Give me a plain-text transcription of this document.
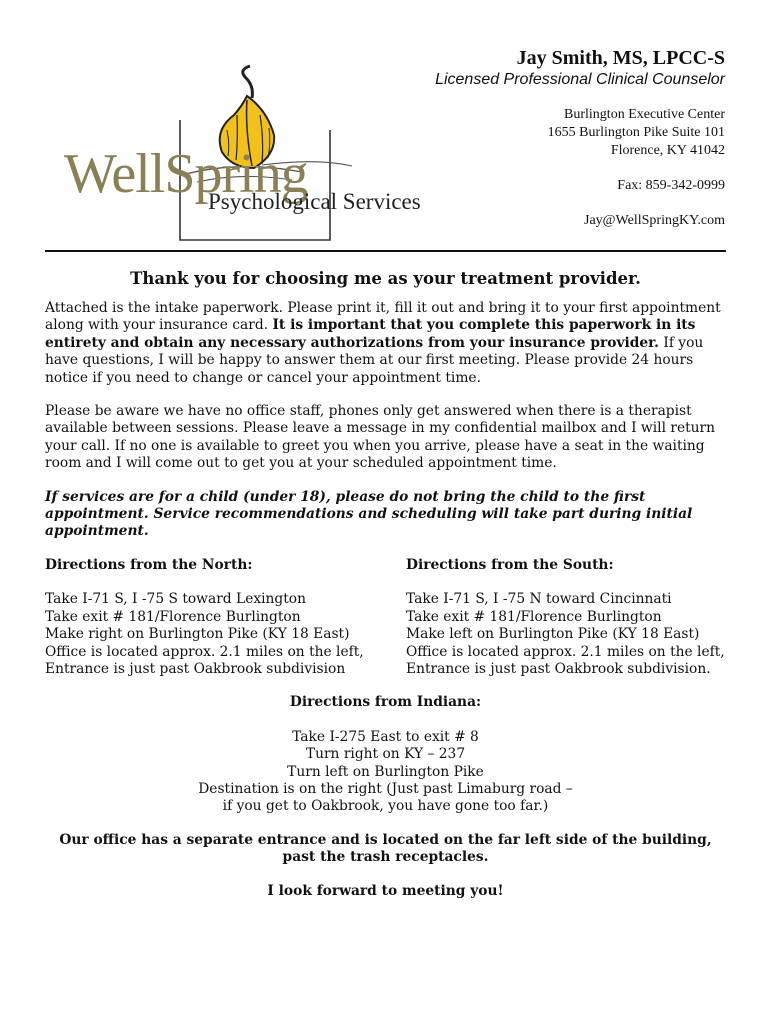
WellSpring
Psychological Services
Jay Smith, MS, LPCC-S
Licensed Professional Clinical Counselor
Burlington Executive Center
1655 Burlington Pike Suite 101
Florence, KY 41042
Fax: 859-342-0999
Jay@WellSpringKY.com
Thank you for choosing me as your treatment provider.

Attached is the intake paperwork. Please print it, fill it out and bring it to your first appointment along with your insurance card. It is important that you complete this paperwork in its entirety and obtain any necessary authorizations from your insurance provider. If you have questions, I will be happy to answer them at our first meeting. Please provide 24 hours notice if you need to change or cancel your appointment time.

Please be aware we have no office staff, phones only get answered when there is a therapist available between sessions. Please leave a message in my confidential mailbox and I will return your call. If no one is available to greet you when you arrive, please have a seat in the waiting room and I will come out to get you at your scheduled appointment time.

If services are for a child (under 18), please do not bring the child to the first appointment. Service recommendations and scheduling will take part during initial appointment.
Directions from the North:
Take I-71 S, I -75 S toward Lexington
Take exit # 181/Florence Burlington
Make right on Burlington Pike (KY 18 East)
Office is located approx. 2.1 miles on the left,
Entrance is just past Oakbrook subdivision
Directions from the South:
Take I-71 S, I -75 N toward Cincinnati
Take exit # 181/Florence Burlington
Make left on Burlington Pike (KY 18 East)
Office is located approx. 2.1 miles on the left,
Entrance is just past Oakbrook subdivision.
Directions from Indiana:
Take I-275 East to exit # 8
Turn right on KY – 237
Turn left on Burlington Pike
Destination is on the right (Just past Limaburg road –
if you get to Oakbrook, you have gone too far.)

Our office has a separate entrance and is located on the far left side of the building, past the trash receptacles.

I look forward to meeting you!
